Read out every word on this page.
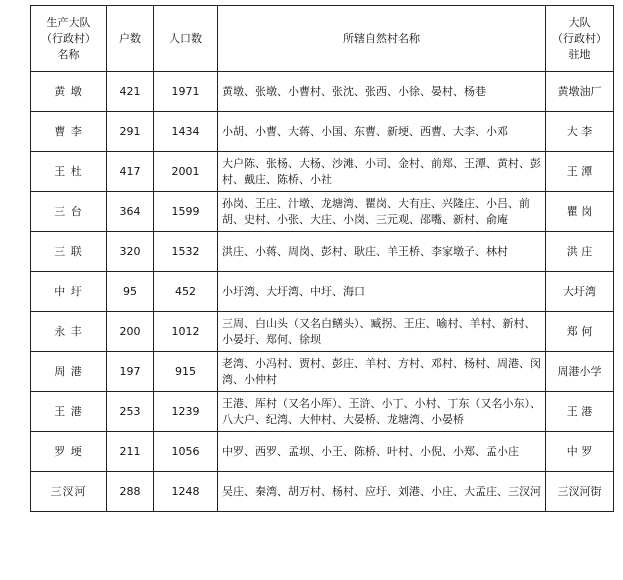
生产大队
（行政村）
名称	户数	人口数	所辖自然村名称	大队
（行政村）
驻地

黄 墩	421	1971	黄墩、张墩、小曹村、张沈、张西、小徐、晏村、杨巷	黄墩油厂
曹 李	291	1434	小胡、小曹、大蒋、小国、东曹、新埂、西曹、大李、小邓	大 李
王 杜	417	2001	大户陈、张杨、大杨、沙滩、小司、金村、前郑、王潭、黄村、彭村、戴庄、陈桥、小社	王 潭
三 台	364	1599	孙岗、王庄、汁墩、龙塘湾、瞿岗、大有庄、兴隆庄、小吕、前胡、史村、小张、大庄、小岗、三元观、邵嘴、新村、俞庵	瞿 岗
三 联	320	1532	洪庄、小蒋、周岗、彭村、耿庄、羊王桥、李家墩子、林村	洪 庄
中 圩	95	452	小圩湾、大圩湾、中圩、海口	大圩湾
永 丰	200	1012	三周、白山头（又名白鳝头）、臧拐、王庄、喻村、羊村、新村、小晏圩、郑何、徐坝	郑 何
周 港	197	915	老湾、小冯村、贾村、彭庄、羊村、方村、邓村、杨村、周港、闵湾、小仲村	周港小学
王 港	253	1239	王港、厍村（又名小厍）、王浒、小丁、小村、丁东（又名小东）、八大户、纪湾、大仲村、大晏桥、龙塘湾、小晏桥	王 港
罗 埂	211	1056	中罗、西罗、孟坝、小王、陈桥、叶村、小倪、小郑、孟小庄	中 罗
三汊河	288	1248	吴庄、秦湾、胡万村、杨村、应圩、刘港、小庄、大孟庄、三汊河	三汊河街
